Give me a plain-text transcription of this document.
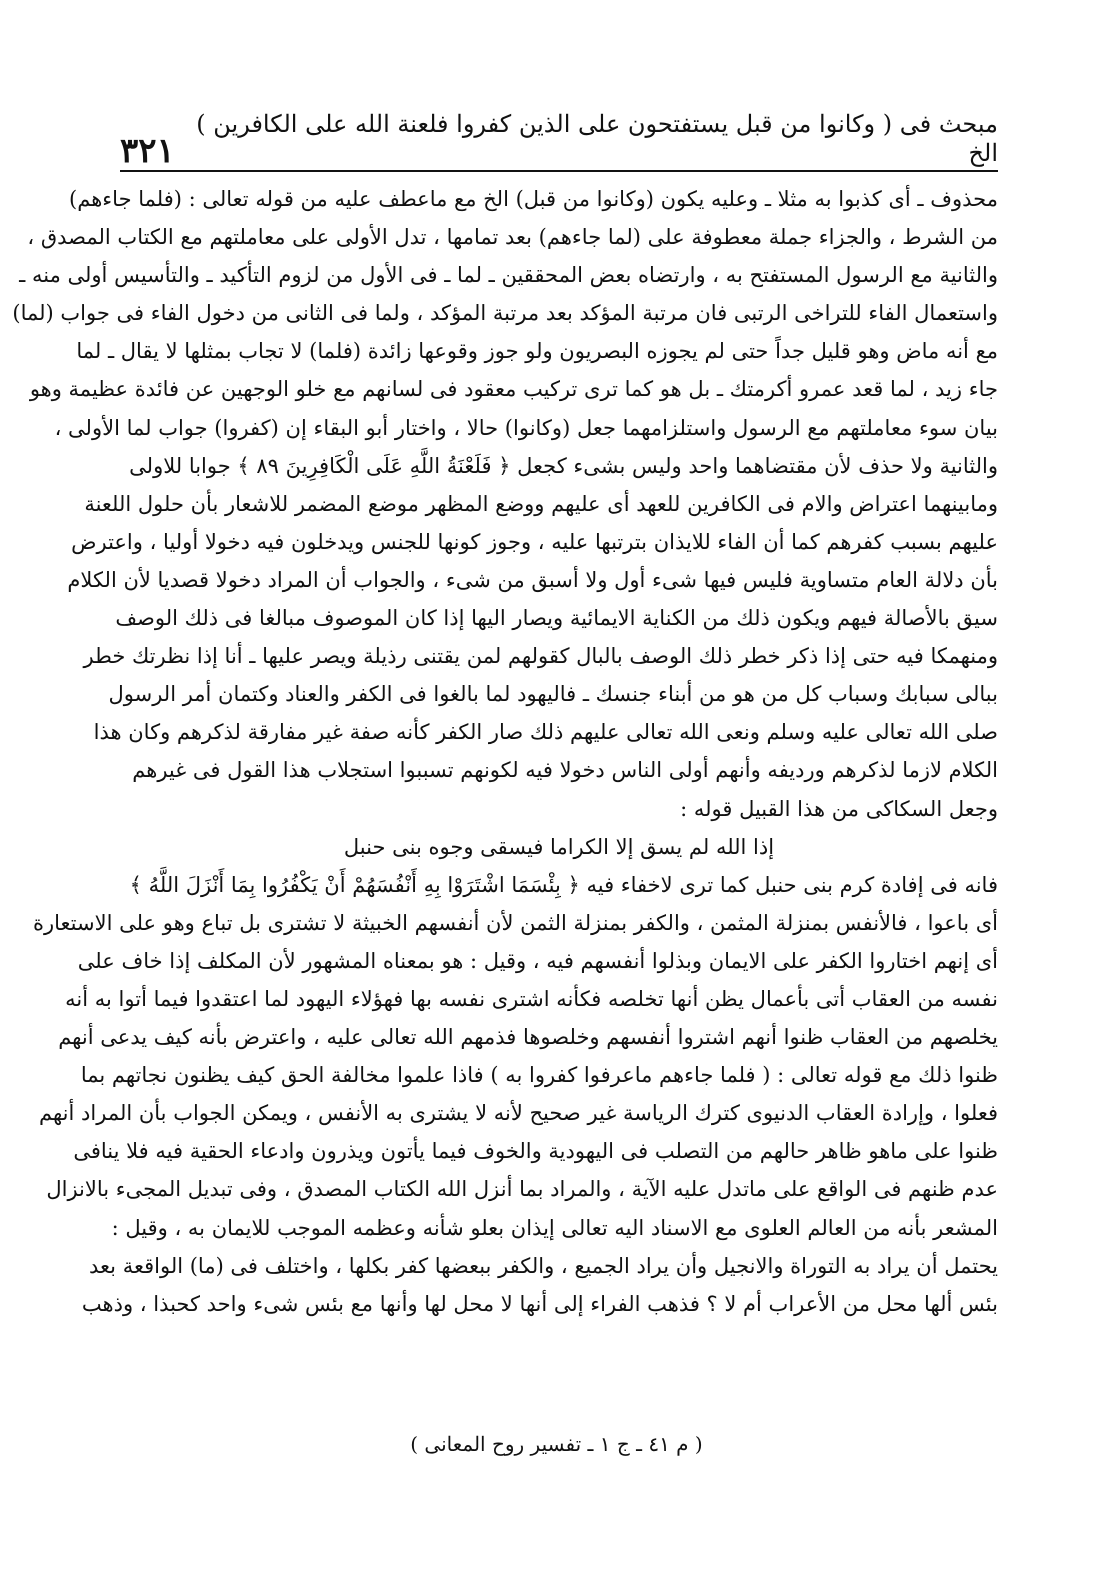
مبحث فى ( وكانوا من قبل يستفتحون على الذين كفروا فلعنة الله على الكافرين ) الخ
٣٢١
محذوف ـ أى كذبوا به مثلا ـ وعليه يكون (وكانوا من قبل) الخ مع ماعطف عليه من قوله تعالى : (فلما جاءهم)
من الشرط ، والجزاء جملة معطوفة على (لما جاءهم) بعد تمامها ، تدل الأولى على معاملتهم مع الكتاب المصدق ،
والثانية مع الرسول المستفتح به ، وارتضاه بعض المحققين ـ لما ـ فى الأول من لزوم التأكيد ـ والتأسيس أولى منه ـ
واستعمال الفاء للتراخى الرتبى فان مرتبة المؤكد بعد مرتبة المؤكد ، ولما فى الثانى من دخول الفاء فى جواب (لما)
مع أنه ماض وهو قليل جداً حتى لم يجوزه البصريون ولو جوز وقوعها زائدة (فلما) لا تجاب بمثلها لا يقال ـ لما
جاء زيد ، لما قعد عمرو أكرمتك ـ بل هو كما ترى تركيب معقود فى لسانهم مع خلو الوجهين عن فائدة عظيمة وهو
بيان سوء معاملتهم مع الرسول واستلزامهما جعل (وكانوا) حالا ، واختار أبو البقاء إن (كفروا) جواب لما الأولى ،
والثانية ولا حذف لأن مقتضاهما واحد وليس بشىء كجعل ﴿ فَلَعْنَةُ اللَّهِ عَلَى الْكَافِرِينَ ٨٩ ﴾ جوابا للاولى
ومابينهما اعتراض والام فى الكافرين للعهد أى عليهم ووضع المظهر موضع المضمر للاشعار بأن حلول اللعنة
عليهم بسبب كفرهم كما أن الفاء للايذان بترتبها عليه ، وجوز كونها للجنس ويدخلون فيه دخولا أوليا ، واعترض
بأن دلالة العام متساوية فليس فيها شىء أول ولا أسبق من شىء ، والجواب أن المراد دخولا قصديا لأن الكلام
سيق بالأصالة فيهم ويكون ذلك من الكناية الايمائية ويصار اليها إذا كان الموصوف مبالغا فى ذلك الوصف
ومنهمكا فيه حتى إذا ذكر خطر ذلك الوصف بالبال كقولهم لمن يقتنى رذيلة ويصر عليها ـ أنا إذا نظرتك خطر
ببالى سبابك وسباب كل من هو من أبناء جنسك ـ فاليهود لما بالغوا فى الكفر والعناد وكتمان أمر الرسول
صلى الله تعالى عليه وسلم ونعى الله تعالى عليهم ذلك صار الكفر كأنه صفة غير مفارقة لذكرهم وكان هذا
الكلام لازما لذكرهم ورديفه وأنهم أولى الناس دخولا فيه لكونهم تسببوا استجلاب هذا القول فى غيرهم
وجعل السكاكى من هذا القبيل قوله :
إذا الله لم يسق إلا الكراما فيسقى وجوه بنى حنبل
فانه فى إفادة كرم بنى حنبل كما ترى لاخفاء فيه ﴿ بِئْسَمَا اشْتَرَوْا بِهِ أَنْفُسَهُمْ أَنْ يَكْفُرُوا بِمَا أَنْزَلَ اللَّهُ ﴾
أى باعوا ، فالأنفس بمنزلة المثمن ، والكفر بمنزلة الثمن لأن أنفسهم الخبيثة لا تشترى بل تباع وهو على الاستعارة
أى إنهم اختاروا الكفر على الايمان وبذلوا أنفسهم فيه ، وقيل : هو بمعناه المشهور لأن المكلف إذا خاف على
نفسه من العقاب أتى بأعمال يظن أنها تخلصه فكأنه اشترى نفسه بها فهؤلاء اليهود لما اعتقدوا فيما أتوا به أنه
يخلصهم من العقاب ظنوا أنهم اشتروا أنفسهم وخلصوها فذمهم الله تعالى عليه ، واعترض بأنه كيف يدعى أنهم
ظنوا ذلك مع قوله تعالى : ( فلما جاءهم ماعرفوا كفروا به ) فاذا علموا مخالفة الحق كيف يظنون نجاتهم بما
فعلوا ، وإرادة العقاب الدنيوى كترك الرياسة غير صحيح لأنه لا يشترى به الأنفس ، ويمكن الجواب بأن المراد أنهم
ظنوا على ماهو ظاهر حالهم من التصلب فى اليهودية والخوف فيما يأتون ويذرون وادعاء الحقية فيه فلا ينافى
عدم ظنهم فى الواقع على ماتدل عليه الآية ، والمراد بما أنزل الله الكتاب المصدق ، وفى تبديل المجىء بالانزال
المشعر بأنه من العالم العلوى مع الاسناد اليه تعالى إيذان بعلو شأنه وعظمه الموجب للايمان به ، وقيل :
يحتمل أن يراد به التوراة والانجيل وأن يراد الجميع ، والكفر ببعضها كفر بكلها ، واختلف فى (ما) الواقعة بعد
بئس ألها محل من الأعراب أم لا ؟ فذهب الفراء إلى أنها لا محل لها وأنها مع بئس شىء واحد كحبذا ، وذهب
( م ٤١ ـ ج ١ ـ تفسير روح المعانى )
